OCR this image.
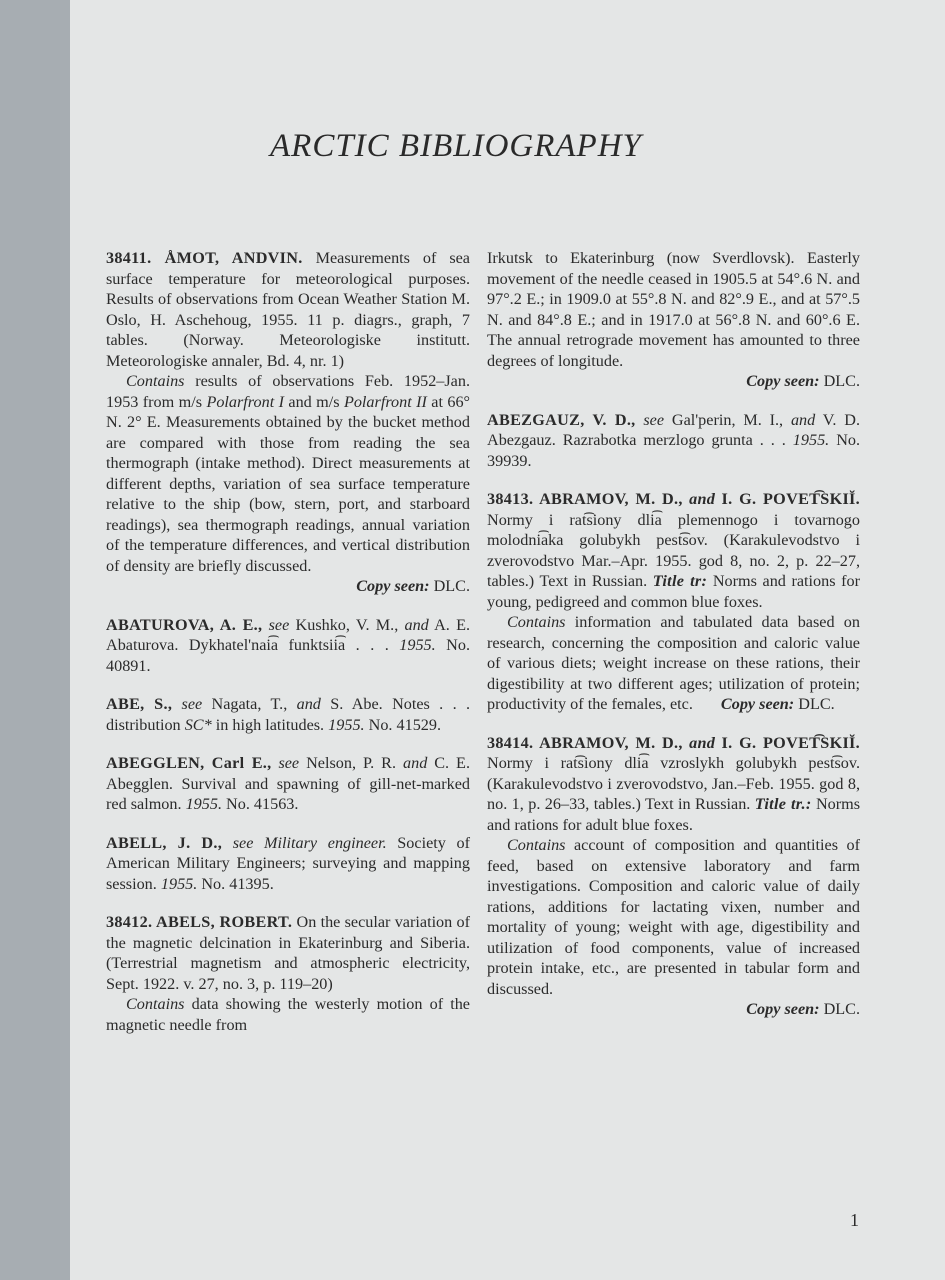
ARCTIC BIBLIOGRAPHY

38411. ÅMOT, ANDVIN. Measurements of sea surface temperature for meteorological purposes. Results of observations from Ocean Weather Station M. Oslo, H. Aschehoug, 1955. 11 p. diagrs., graph, 7 tables. (Norway. Meteorologiske institutt. Meteorologiske annaler, Bd. 4, nr. 1)

Contains results of observations Feb. 1952–Jan. 1953 from m/s Polarfront I and m/s Polarfront II at 66° N. 2° E. Measurements obtained by the bucket method are compared with those from reading the sea thermograph (intake method). Direct measurements at different depths, variation of sea surface temperature relative to the ship (bow, stern, port, and starboard readings), sea thermograph readings, annual variation of the temperature differences, and vertical distribution of density are briefly discussed.

Copy seen: DLC.

ABATUROVA, A. E., see Kushko, V. M., and A. E. Abaturova. Dykhatel'nai͡a funktsii͡a . . . 1955. No. 40891.

ABE, S., see Nagata, T., and S. Abe. Notes . . . distribution SC* in high latitudes. 1955. No. 41529.

ABEGGLEN, Carl E., see Nelson, P. R. and C. E. Abegglen. Survival and spawning of gill-net-marked red salmon. 1955. No. 41563.

ABELL, J. D., see Military engineer. Society of American Military Engineers; surveying and mapping session. 1955. No. 41395.

38412. ABELS, ROBERT. On the secular variation of the magnetic delcination in Ekaterinburg and Siberia. (Terrestrial magnetism and atmospheric electricity, Sept. 1922. v. 27, no. 3, p. 119–20)

Contains data showing the westerly motion of the magnetic needle from

Irkutsk to Ekaterinburg (now Sverdlovsk). Easterly movement of the needle ceased in 1905.5 at 54°.6 N. and 97°.2 E.; in 1909.0 at 55°.8 N. and 82°.9 E., and at 57°.5 N. and 84°.8 E.; and in 1917.0 at 56°.8 N. and 60°.6 E. The annual retrograde movement has amounted to three degrees of longitude.

Copy seen: DLC.

ABEZGAUZ, V. D., see Gal'perin, M. I., and V. D. Abezgauz. Razrabotka merzlogo grunta . . . 1955. No. 39939.

38413. ABRAMOV, M. D., and I. G. POVET͡SKIĬ. Normy i rat͡siony dli͡a plemennogo i tovarnogo molodni͡aka golubykh pest͡sov. (Karakulevodstvo i zverovodstvo Mar.–Apr. 1955. god 8, no. 2, p. 22–27, tables.) Text in Russian. Title tr: Norms and rations for young, pedigreed and common blue foxes.

Contains information and tabulated data based on research, concerning the composition and caloric value of various diets; weight increase on these rations, their digestibility at two different ages; utilization of protein; productivity of the females, etc. Copy seen: DLC.

38414. ABRAMOV, M. D., and I. G. POVET͡SKIĬ. Normy i rat͡siony dli͡a vzroslykh golubykh pest͡sov. (Karakulevodstvo i zverovodstvo, Jan.–Feb. 1955. god 8, no. 1, p. 26–33, tables.) Text in Russian. Title tr.: Norms and rations for adult blue foxes.

Contains account of composition and quantities of feed, based on extensive laboratory and farm investigations. Composition and caloric value of daily rations, additions for lactating vixen, number and mortality of young; weight with age, digestibility and utilization of food components, value of increased protein intake, etc., are presented in tabular form and discussed.

Copy seen: DLC.

1
